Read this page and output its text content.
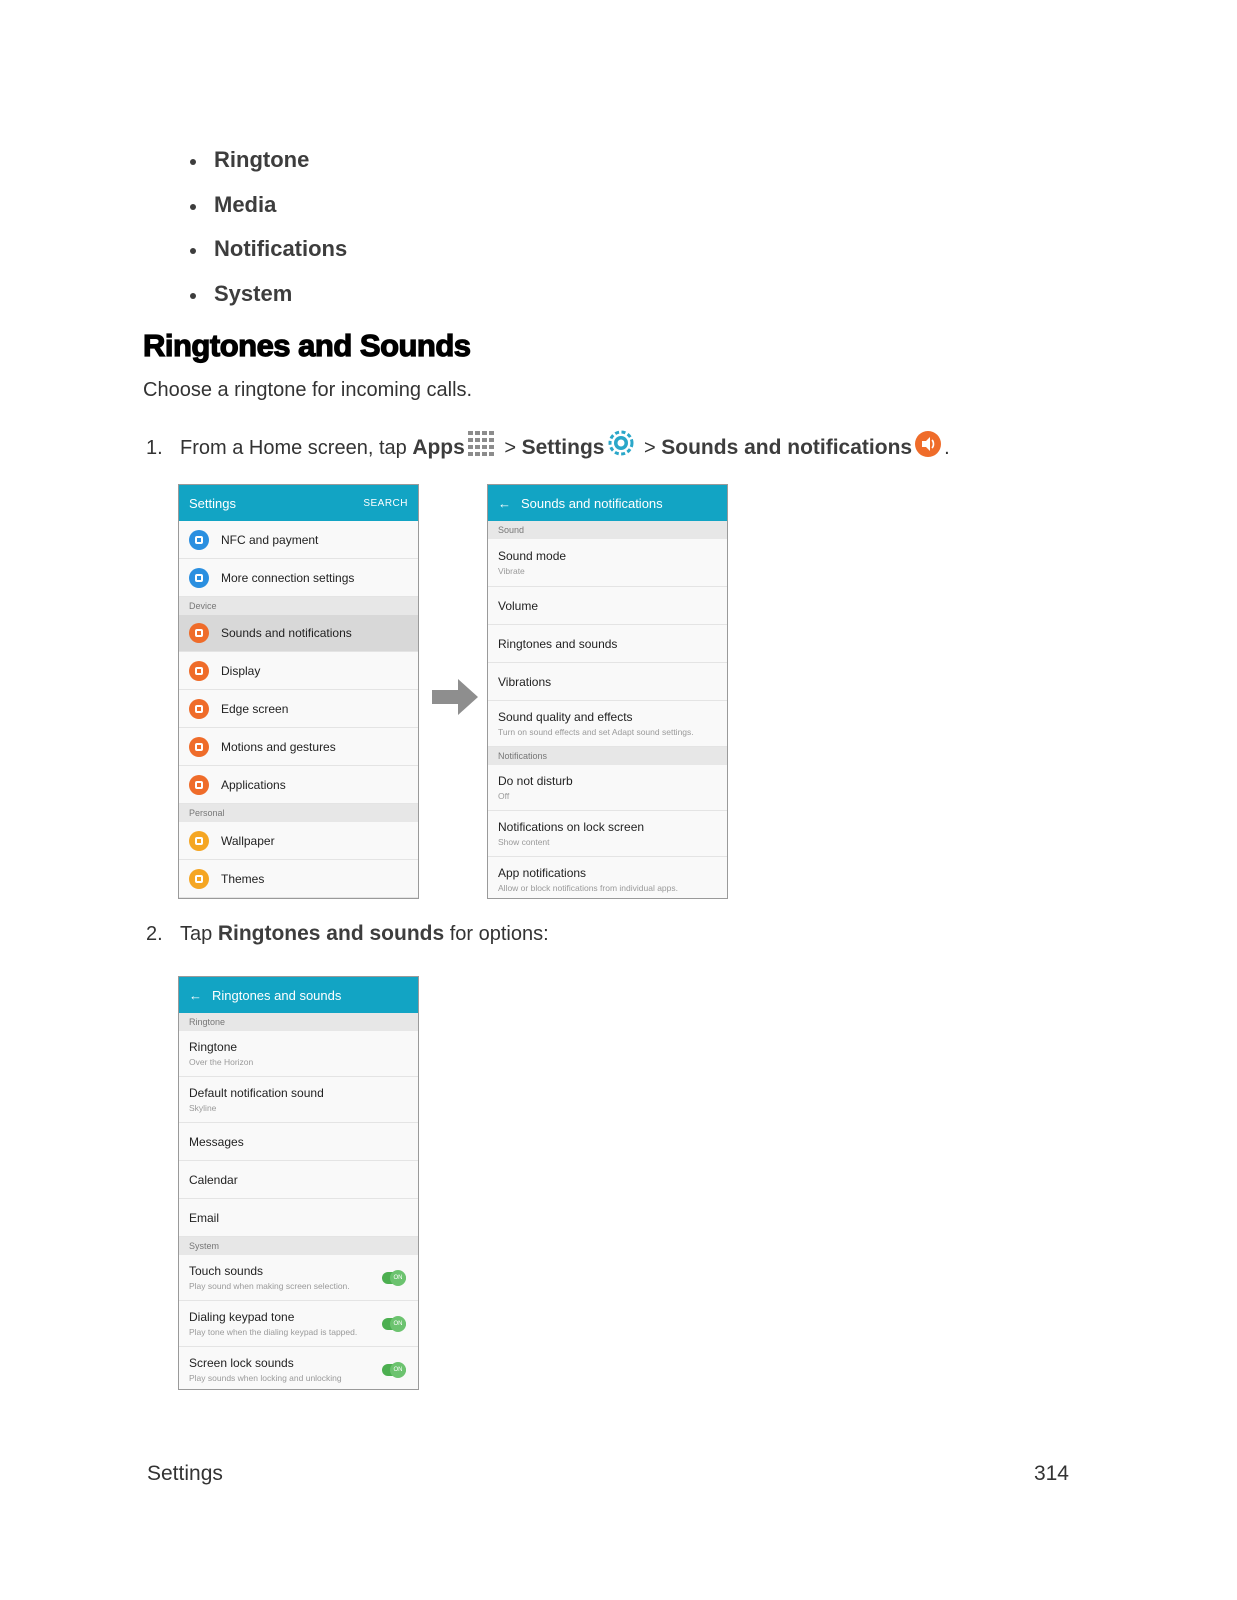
Ringtone
Media
Notifications
System
Ringtones and Sounds
Choose a ringtone for incoming calls.
1. From a Home screen, tap Apps > Settings > Sounds and notifications .
Settings	SEARCH
NFC and payment
More connection settings
Device
Sounds and notifications
Display
Edge screen
Motions and gestures
Applications
Personal
Wallpaper
Themes
← Sounds and notifications
Sound
Sound mode
Vibrate
Volume
Ringtones and sounds
Vibrations
Sound quality and effects
Turn on sound effects and set Adapt sound settings.
Notifications
Do not disturb
Off
Notifications on lock screen
Show content
App notifications
Allow or block notifications from individual apps.
2. Tap Ringtones and sounds for options:
← Ringtones and sounds
Ringtone
Ringtone
Over the Horizon
Default notification sound
Skyline
Messages
Calendar
Email
System
Touch sounds
Play sound when making screen selection.
ON
Dialing keypad tone
Play tone when the dialing keypad is tapped.
ON
Screen lock sounds
Play sounds when locking and unlocking
ON
Settings	314
